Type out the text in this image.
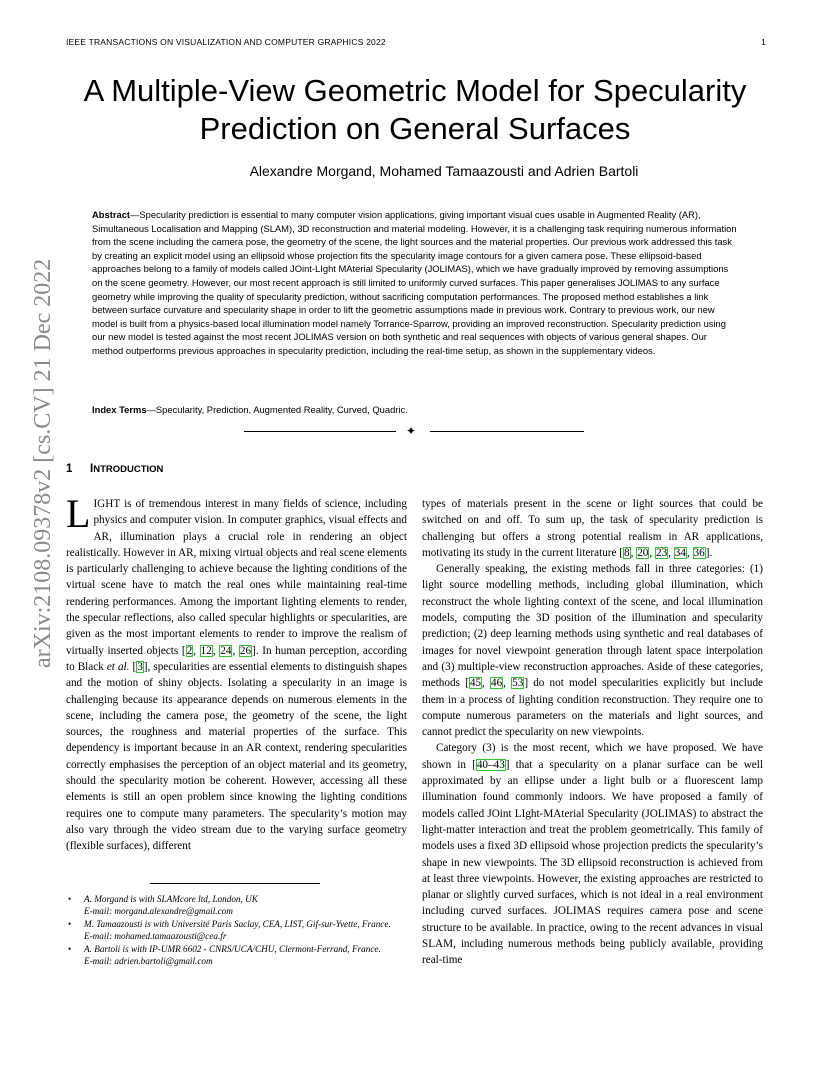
IEEE TRANSACTIONS ON VISUALIZATION AND COMPUTER GRAPHICS 2022	1
arXiv:2108.09378v2 [cs.CV] 21 Dec 2022
A Multiple-View Geometric Model for Specularity
Prediction on General Surfaces
Alexandre Morgand, Mohamed Tamaazousti and Adrien Bartoli
Abstract—Specularity prediction is essential to many computer vision applications, giving important visual cues usable in Augmented Reality (AR), Simultaneous Localisation and Mapping (SLAM), 3D reconstruction and material modeling. However, it is a challenging task requiring numerous information from the scene including the camera pose, the geometry of the scene, the light sources and the material properties. Our previous work addressed this task by creating an explicit model using an ellipsoid whose projection fits the specularity image contours for a given camera pose. These ellipsoid-based approaches belong to a family of models called JOint-LIght MAterial Specularity (JOLIMAS), which we have gradually improved by removing assumptions on the scene geometry. However, our most recent approach is still limited to uniformly curved surfaces. This paper generalises JOLIMAS to any surface geometry while improving the quality of specularity prediction, without sacrificing computation performances. The proposed method establishes a link between surface curvature and specularity shape in order to lift the geometric assumptions made in previous work. Contrary to previous work, our new model is built from a physics-based local illumination model namely Torrance-Sparrow, providing an improved reconstruction. Specularity prediction using our new model is tested against the most recent JOLIMAS version on both synthetic and real sequences with objects of various general shapes. Our method outperforms previous approaches in specularity prediction, including the real-time setup, as shown in the supplementary videos.
Index Terms—Specularity, Prediction, Augmented Reality, Curved, Quadric.
✦
1 INTRODUCTION

LIGHT is of tremendous interest in many fields of science, including physics and computer vision. In computer graphics, visual effects and AR, illumination plays a crucial role in rendering an object realistically. However in AR, mixing virtual objects and real scene elements is particularly challenging to achieve because the lighting conditions of the virtual scene have to match the real ones while maintaining real-time rendering performances. Among the important lighting elements to render, the specular reflections, also called specular highlights or specularities, are given as the most important elements to render to improve the realism of virtually inserted objects [2, 12, 24, 26]. In human perception, according to Black et al. [3], specularities are essential elements to distinguish shapes and the motion of shiny objects. Isolating a specularity in an image is challenging because its appearance depends on numerous elements in the scene, including the camera pose, the geometry of the scene, the light sources, the roughness and material properties of the surface. This dependency is important because in an AR context, rendering specularities correctly emphasises the perception of an object material and its geometry, should the specularity motion be coherent. However, accessing all these elements is still an open problem since knowing the lighting conditions requires one to compute many parameters. The specularity’s motion may also vary through the video stream due to the varying surface geometry (flexible surfaces), different

types of materials present in the scene or light sources that could be switched on and off. To sum up, the task of specularity prediction is challenging but offers a strong potential realism in AR applications, motivating its study in the current literature [8, 20, 23, 34, 36].

Generally speaking, the existing methods fall in three categories: (1) light source modelling methods, including global illumination, which reconstruct the whole lighting context of the scene, and local illumination models, computing the 3D position of the illumination and specularity prediction; (2) deep learning methods using synthetic and real databases of images for novel viewpoint generation through latent space interpolation and (3) multiple-view reconstruction approaches. Aside of these categories, methods [45, 46, 53] do not model specularities explicitly but include them in a process of lighting condition reconstruction. They require one to compute numerous parameters on the materials and light sources, and cannot predict the specularity on new viewpoints.

Category (3) is the most recent, which we have proposed. We have shown in [40–43] that a specularity on a planar surface can be well approximated by an ellipse under a light bulb or a fluorescent lamp illumination found commonly indoors. We have proposed a family of models called JOint LIght-MAterial Specularity (JOLIMAS) to abstract the light-matter interaction and treat the problem geometrically. This family of models uses a fixed 3D ellipsoid whose projection predicts the specularity’s shape in new viewpoints. The 3D ellipsoid reconstruction is achieved from at least three viewpoints. However, the existing approaches are restricted to planar or slightly curved surfaces, which is not ideal in a real environment including curved surfaces. JOLIMAS requires camera pose and scene structure to be available. In practice, owing to the recent advances in visual SLAM, including numerous methods being publicly available, providing real-time

• A. Morgand is with SLAMcore ltd, London, UK
E-mail: morgand.alexandre@gmail.com
• M. Tamaazousti is with Université Paris Saclay, CEA, LIST, Gif-sur-Yvette, France.
E-mail: mohamed.tamaazousti@cea.fr
• A. Bartoli is with IP-UMR 6602 - CNRS/UCA/CHU, Clermont-Ferrand, France.
E-mail: adrien.bartoli@gmail.com
